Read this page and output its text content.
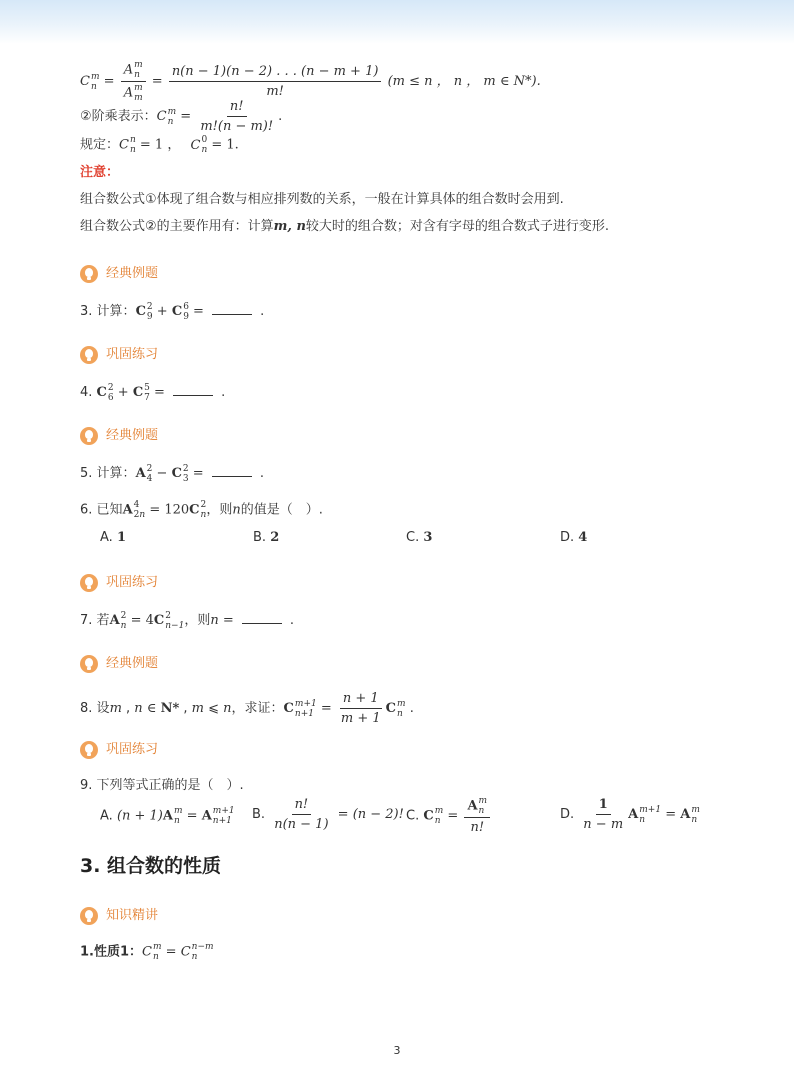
C m
n = A m
n
A m
$m = \frac{n(n - 1)(n - 2) . . . (n - m + 1)}{m!} (m \le n$ ， n ， m ∈ N*).
②阶乘表示：C m
$n = \frac{n!}{m!(n - m)!}$ .
规定：C n
n = 1 ， C 0
n = 1.
注意：
组合数公式①体现了组合数与相应排列数的关系，一般在计算具体的组合数时会用到.
组合数公式②的主要作用有：计算m, n较大时的组合数；对含有字母的组合数式子进行变形.
经典例题
3. 计算：C 2
9 + C 6
9 =	.
巩固练习
4. C 2
6 + C 5
7 =	.
经典例题
5. 计算：A 2
4 − C 2
3 =	.
6. 已知A 4
2n = 120C 2
n ，则n的值是（　）.
A. 1	B. 2	C. 3	D. 4
巩固练习
7. 若A 2
n = 4C 2
n−1 ，则n =	.
经典例题
8. 设m , n ∈ N* , m ⩽ n，求证：C m+1
$n+1 = \frac{n + 1}{m + 1}$ C m
n .
巩固练习
9. 下列等式正确的是（　）.
A. (n + 1)A m
n = A m+1
n+1 B. $\frac{n!}{n(n - 1)} = (n - 2)$! C. C m
n = A m
n
n!	D. $\frac{1}{n - m}$ A m+1
n	= A m
n
3. 组合数的性质
知识精讲
1.性质1：C m
n = C n−m
n
3
